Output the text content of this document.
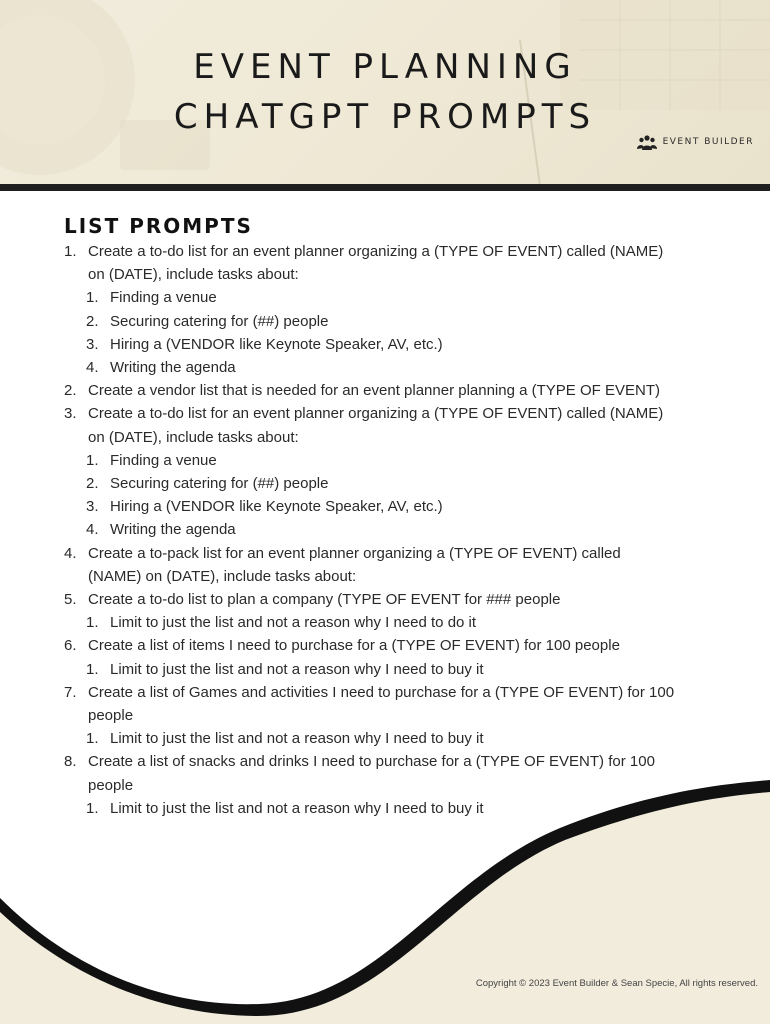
EVENT PLANNING
CHATGPT PROMPTS
EVENT BUILDER
LIST PROMPTS
1. Create a to-do list for an event planner organizing a (TYPE OF EVENT) called (NAME)
on (DATE), include tasks about:
1. Finding a venue
2. Securing catering for (##) people
3. Hiring a (VENDOR like Keynote Speaker, AV, etc.)
4. Writing the agenda
2. Create a vendor list that is needed for an event planner planning a (TYPE OF EVENT)
3. Create a to-do list for an event planner organizing a (TYPE OF EVENT) called (NAME)
on (DATE), include tasks about:
1. Finding a venue
2. Securing catering for (##) people
3. Hiring a (VENDOR like Keynote Speaker, AV, etc.)
4. Writing the agenda
4. Create a to-pack list for an event planner organizing a (TYPE OF EVENT) called
(NAME) on (DATE), include tasks about:
5. Create a to-do list to plan a company (TYPE OF EVENT for ### people
1. Limit to just the list and not a reason why I need to do it
6. Create a list of items I need to purchase for a (TYPE OF EVENT) for 100 people
1. Limit to just the list and not a reason why I need to buy it
7. Create a list of Games and activities I need to purchase for a (TYPE OF EVENT) for 100
people
1. Limit to just the list and not a reason why I need to buy it
8. Create a list of snacks and drinks I need to purchase for a (TYPE OF EVENT) for 100
people
1. Limit to just the list and not a reason why I need to buy it
Copyright © 2023 Event Builder & Sean Specie, All rights reserved.
